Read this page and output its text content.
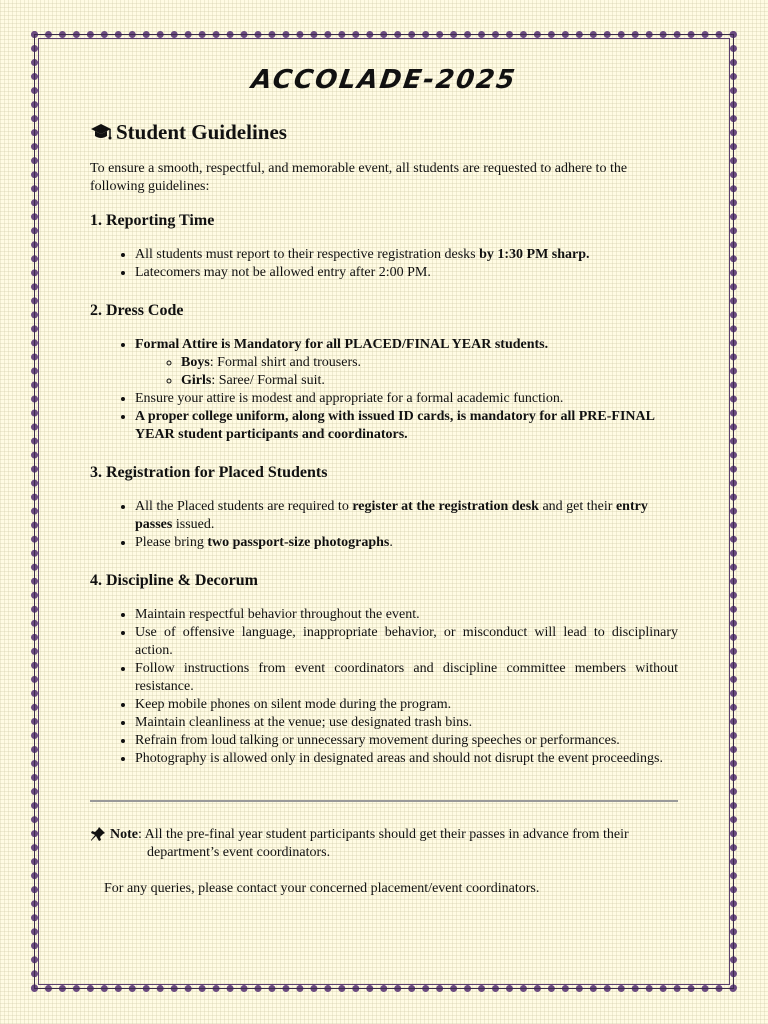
ACCOLADE-2025
Student Guidelines

To ensure a smooth, respectful, and memorable event, all students are requested to adhere to the following guidelines:

1. Reporting Time
• All students must report to their respective registration desks by 1:30 PM sharp.
• Latecomers may not be allowed entry after 2:00 PM.
2. Dress Code
• Formal Attire is Mandatory for all PLACED/FINAL YEAR students.
◦ Boys: Formal shirt and trousers.
◦ Girls: Saree/ Formal suit.
• Ensure your attire is modest and appropriate for a formal academic function.
• A proper college uniform, along with issued ID cards, is mandatory for all PRE-FINAL YEAR student participants and coordinators.
3. Registration for Placed Students
• All the Placed students are required to register at the registration desk and get their entry passes issued.
• Please bring two passport-size photographs.
4. Discipline & Decorum
• Maintain respectful behavior throughout the event.
• Use of offensive language, inappropriate behavior, or misconduct will lead to disciplinary action.
• Follow instructions from event coordinators and discipline committee members without resistance.
• Keep mobile phones on silent mode during the program.
• Maintain cleanliness at the venue; use designated trash bins.
• Refrain from loud talking or unnecessary movement during speeches or performances.
• Photography is allowed only in designated areas and should not disrupt the event proceedings.
Note: All the pre-final year student participants should get their passes in advance from their
department’s event coordinators.

For any queries, please contact your concerned placement/event coordinators.
